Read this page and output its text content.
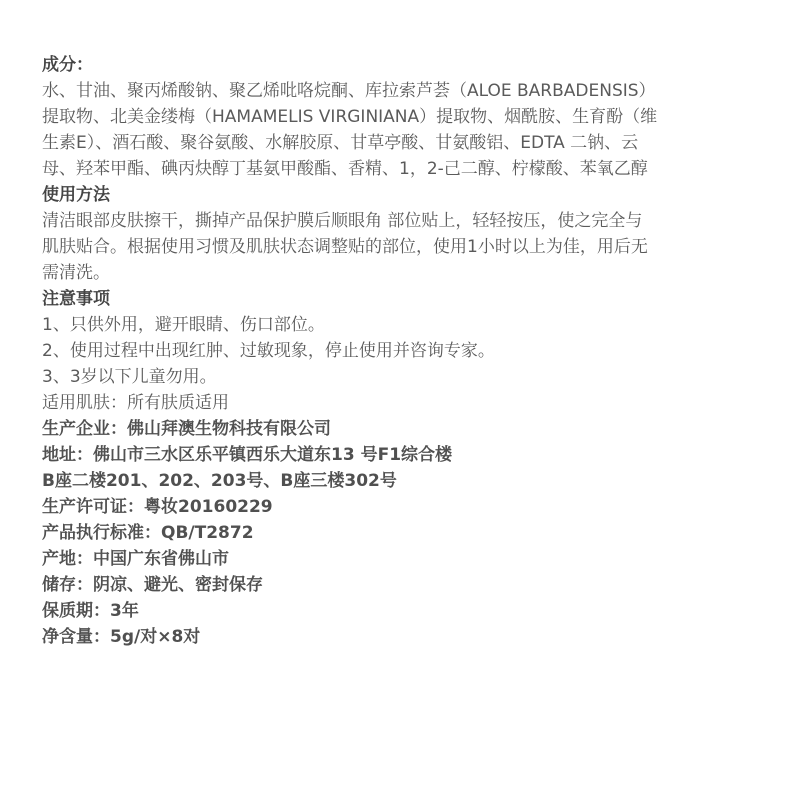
成分：
水、甘油、聚丙烯酸钠、聚乙烯吡咯烷酮、库拉索芦荟（ALOE BARBADENSIS）
提取物、北美金缕梅（HAMAMELIS VIRGINIANA）提取物、烟酰胺、生育酚（维
生素E）、酒石酸、聚谷氨酸、水解胶原、甘草亭酸、甘氨酸铝、EDTA 二钠、云
母、羟苯甲酯、碘丙炔醇丁基氨甲酸酯、香精、1，2-己二醇、柠檬酸、苯氧乙醇
使用方法
清洁眼部皮肤擦干，撕掉产品保护膜后顺眼角 部位贴上，轻轻按压，使之完全与
肌肤贴合。根据使用习惯及肌肤状态调整贴的部位，使用1小时以上为佳，用后无
需清洗。
注意事项
1、只供外用，避开眼睛、伤口部位。
2、使用过程中出现红肿、过敏现象，停止使用并咨询专家。
3、3岁以下儿童勿用。
适用肌肤：所有肤质适用
生产企业：佛山拜澳生物科技有限公司
地址：佛山市三水区乐平镇西乐大道东13 号F1综合楼
B座二楼201、202、203号、B座三楼302号
生产许可证：粤妆20160229
产品执行标准：QB/T2872
产地：中国广东省佛山市
储存：阴凉、避光、密封保存
保质期：3年
净含量：5g/对×8对
